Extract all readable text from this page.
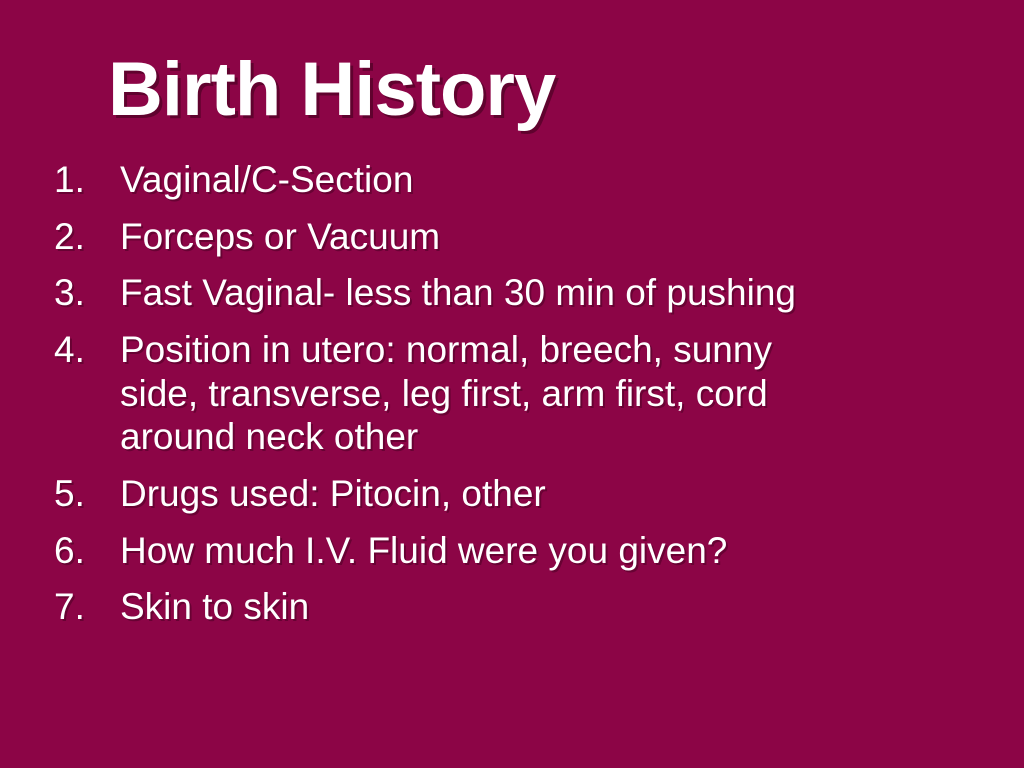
Birth History
1. Vaginal/C-Section
2. Forceps or Vacuum
3. Fast Vaginal- less than 30 min of pushing
4. Position in utero: normal, breech, sunny side, transverse, leg first, arm first, cord around neck other
5. Drugs used: Pitocin, other
6. How much I.V. Fluid were you given?
7. Skin to skin
